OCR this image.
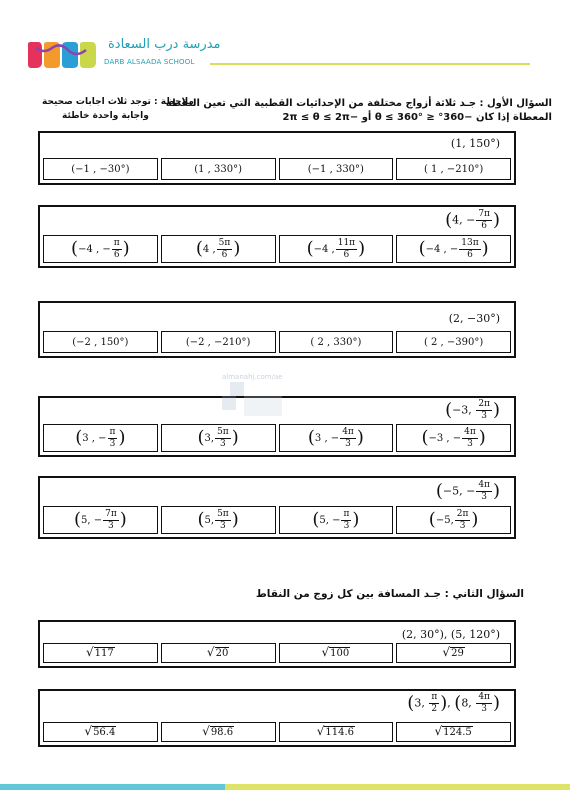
مدرسة درب السعادة
DARB ALSAADA SCHOOL
السؤال الأول : جـد ثلاثة أزواج مختلفة من الإحداثيات القطبية التي تعين النقطة
المعطاة إذا كان −360° ≤ θ ≤ 360° أو −2π ≤ θ ≤ 2π
ملاحظة : توجد ثلاث اجابات صحيحة
واجابة واحدة خاطئة
(1, 150°)
(−1 , −30°)	(1 , 330°)	(−1 , 330°)	( 1 , −210°)
(4, − $\frac{7\pi}{6}$ )
( −4 , − $\frac{\pi}{6}$ )	( 4 , $\frac{5\pi}{6}$ )	( −4 , $\frac{11\pi}{6}$ )	( −4 , − $\frac{13\pi}{6}$ )
(2, −30°)
(−2 , 150°)	(−2 , −210°)	( 2 , 330°)	( 2 , −390°)
(−3, $\frac{2\pi}{3}$ )
( 3 , − $\frac{\pi}{3}$ )	( 3, $\frac{5\pi}{3}$ )	( 3 , − $\frac{4\pi}{3}$ )	( −3 , − $\frac{4\pi}{3}$ )
(−5, − $\frac{4\pi}{3}$ )
( 5, − $\frac{7\pi}{3}$ )	( 5, $\frac{5\pi}{3}$ )	( 5, − $\frac{\pi}{3}$ )	( −5, $\frac{2\pi}{3}$ )
almanahj.com/ae
السؤال الثاني : جـد المسافة بين كل زوج من النقاط
(2, 30°), (5, 120°)
√ 117	√ 20	√ 100	√ 29
(3, $\frac{\pi}{2}$ ), (8, $\frac{4\pi}{3}$ )
√ 56.4	√ 98.6	√ 114.6	√ 124.5
